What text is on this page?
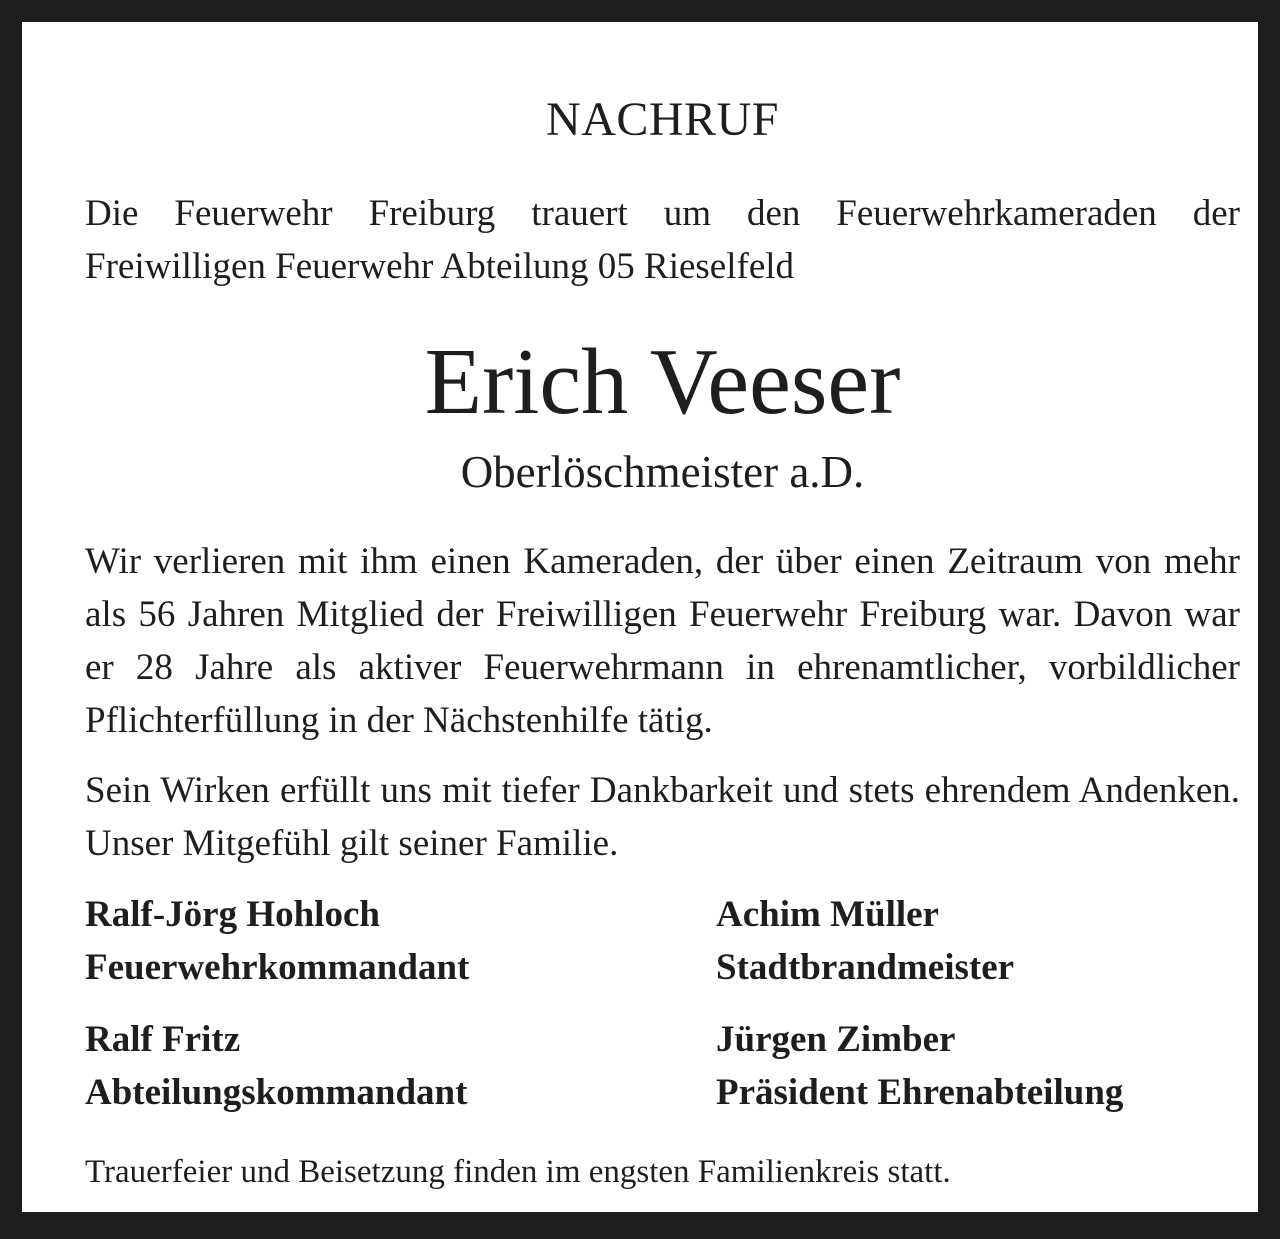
NACHRUF
Die Feuerwehr Freiburg trauert um den Feuerwehrkameraden der Freiwilligen Feuerwehr Abteilung 05 Rieselfeld
Erich Veeser
Oberlöschmeister a.D.
Wir verlieren mit ihm einen Kameraden, der über einen Zeitraum von mehr als 56 Jahren Mitglied der Freiwilligen Feuerwehr Freiburg war. Davon war er 28 Jahre als aktiver Feuerwehrmann in ehrenamtlicher, vorbildlicher Pflichterfüllung in der Nächstenhilfe tätig.
Sein Wirken erfüllt uns mit tiefer Dankbarkeit und stets ehrendem Andenken. Unser Mitgefühl gilt seiner Familie.
Ralf-Jörg Hohloch
Feuerwehrkommandant
Achim Müller
Stadtbrandmeister
Ralf Fritz
Abteilungskommandant
Jürgen Zimber
Präsident Ehrenabteilung
Trauerfeier und Beisetzung finden im engsten Familienkreis statt.
